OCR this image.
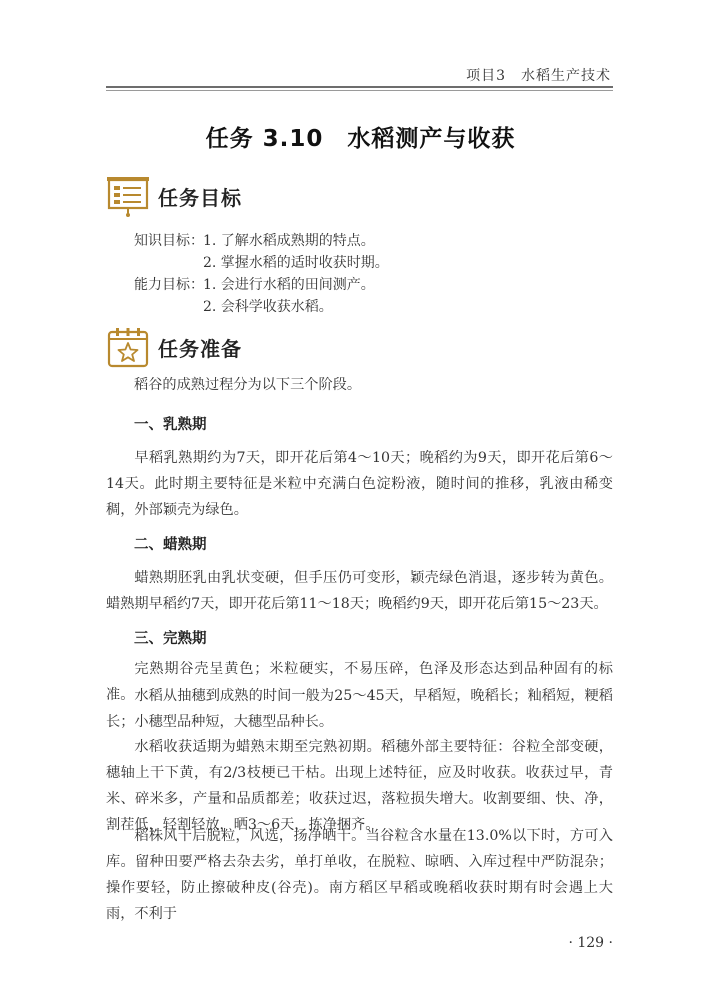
项目3　水稻生产技术
任务 3.10　水稻测产与收获
任务目标
知识目标： 1. 了解水稻成熟期的特点。
2. 掌握水稻的适时收获时期。
能力目标： 1. 会进行水稻的田间测产。
2. 会科学收获水稻。
任务准备
稻谷的成熟过程分为以下三个阶段。
一、乳熟期
早稻乳熟期约为7天，即开花后第4～10天；晚稻约为9天，即开花后第6～14天。此时期主要特征是米粒中充满白色淀粉液，随时间的推移，乳液由稀变稠，外部颖壳为绿色。
二、蜡熟期
蜡熟期胚乳由乳状变硬，但手压仍可变形，颖壳绿色消退，逐步转为黄色。蜡熟期早稻约7天，即开花后第11～18天；晚稻约9天，即开花后第15～23天。
三、完熟期
完熟期谷壳呈黄色；米粒硬实，不易压碎，色泽及形态达到品种固有的标准。 水稻从抽穗到成熟的时间一般为25～45天，早稻短，晚稻长；籼稻短，粳稻长；小穗型品种短，大穗型品种长。
水稻收获适期为蜡熟末期至完熟初期。稻穗外部主要特征：谷粒全部变硬，穗轴上干下黄，有2/3枝梗已干枯。出现上述特征，应及时收获。收获过早，青米、碎米多，产量和品质都差；收获过迟，落粒损失增大。收割要细、快、净，割茬低，轻割轻放，晒3～6天，拣净捆齐。
稻株风干后脱粒，风选，扬净晒干。当谷粒含水量在13.0%以下时，方可入库。留种田要严格去杂去劣，单打单收，在脱粒、晾晒、入库过程中严防混杂；操作要轻，防止擦破种皮(谷壳)。南方稻区早稻或晚稻收获时期有时会遇上大雨，不利于
· 129 ·
